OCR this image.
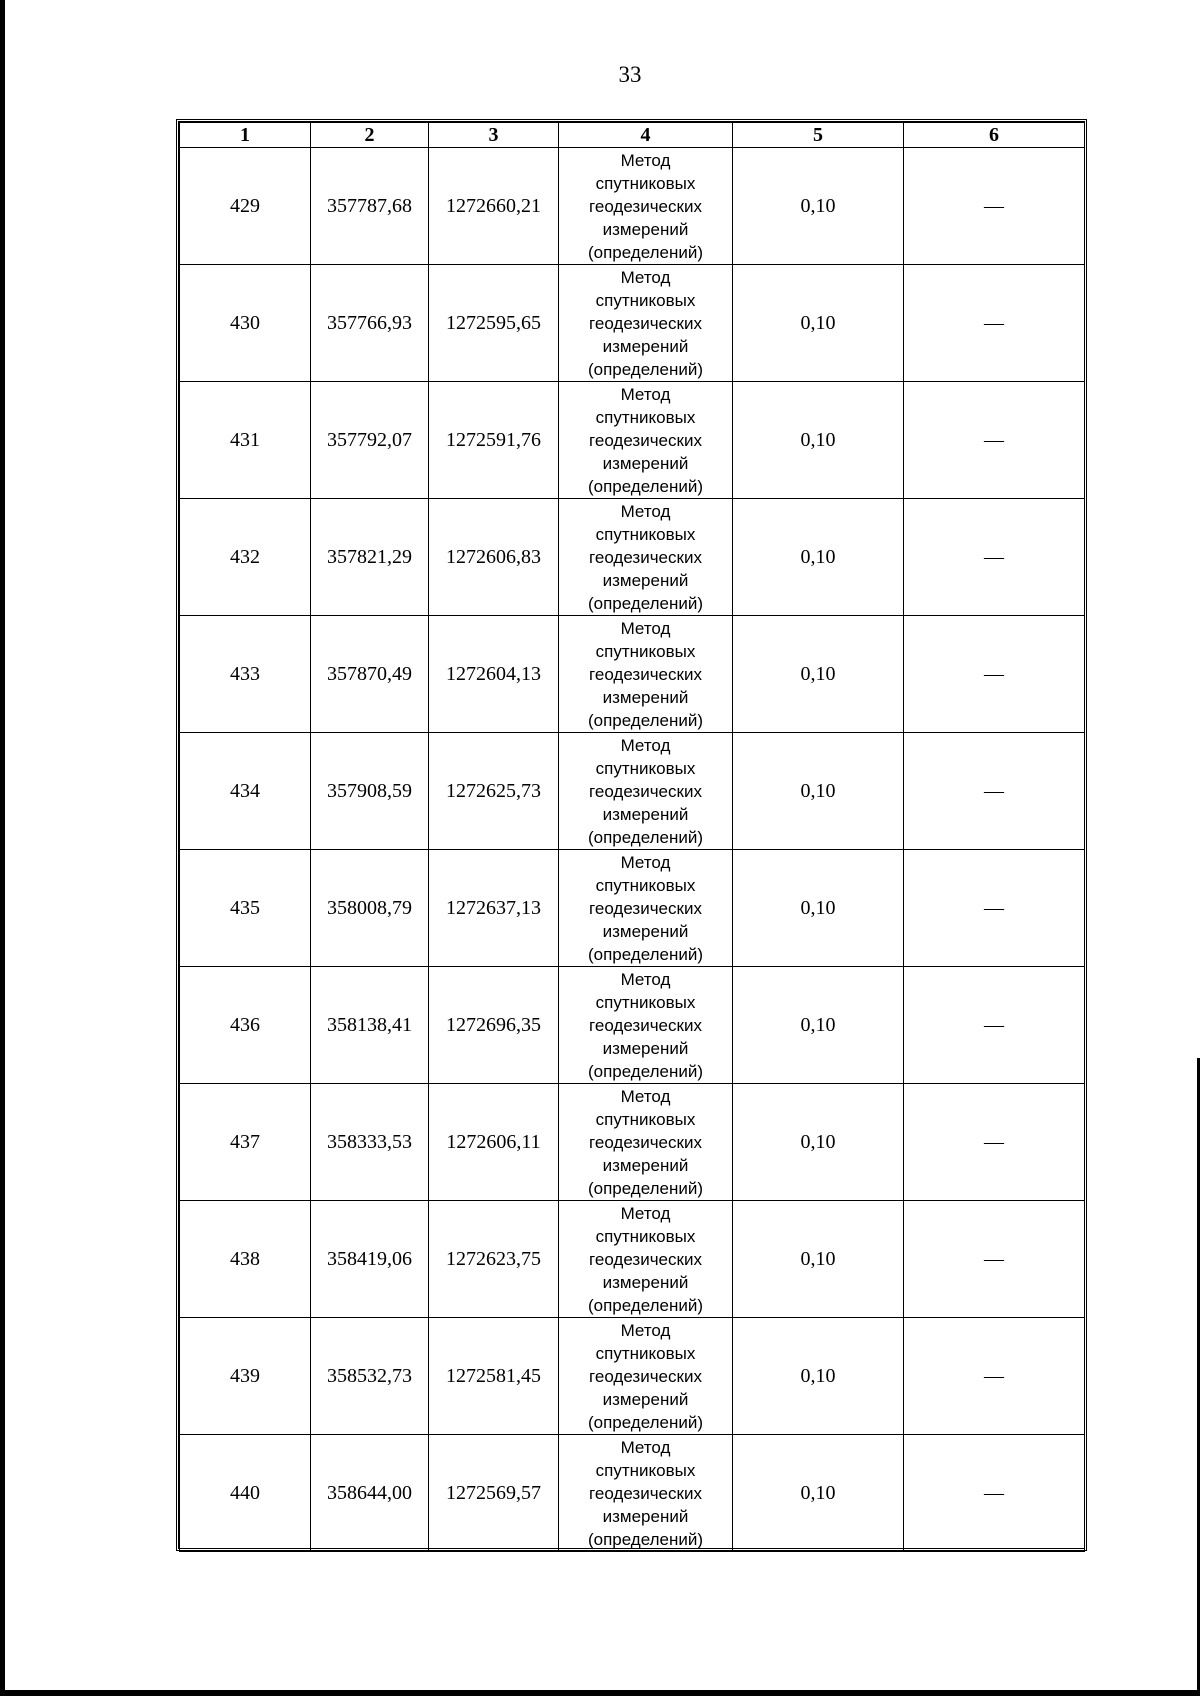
33
1	2	3	4	5	6
429	357787,68	1272660,21	Метод
спутниковых
геодезических
измерений
(определений)	0,10	—
430	357766,93	1272595,65	Метод
спутниковых
геодезических
измерений
(определений)	0,10	—
431	357792,07	1272591,76	Метод
спутниковых
геодезических
измерений
(определений)	0,10	—
432	357821,29	1272606,83	Метод
спутниковых
геодезических
измерений
(определений)	0,10	—
433	357870,49	1272604,13	Метод
спутниковых
геодезических
измерений
(определений)	0,10	—
434	357908,59	1272625,73	Метод
спутниковых
геодезических
измерений
(определений)	0,10	—
435	358008,79	1272637,13	Метод
спутниковых
геодезических
измерений
(определений)	0,10	—
436	358138,41	1272696,35	Метод
спутниковых
геодезических
измерений
(определений)	0,10	—
437	358333,53	1272606,11	Метод
спутниковых
геодезических
измерений
(определений)	0,10	—
438	358419,06	1272623,75	Метод
спутниковых
геодезических
измерений
(определений)	0,10	—
439	358532,73	1272581,45	Метод
спутниковых
геодезических
измерений
(определений)	0,10	—
440	358644,00	1272569,57	Метод
спутниковых
геодезических
измерений
(определений)	0,10	—
